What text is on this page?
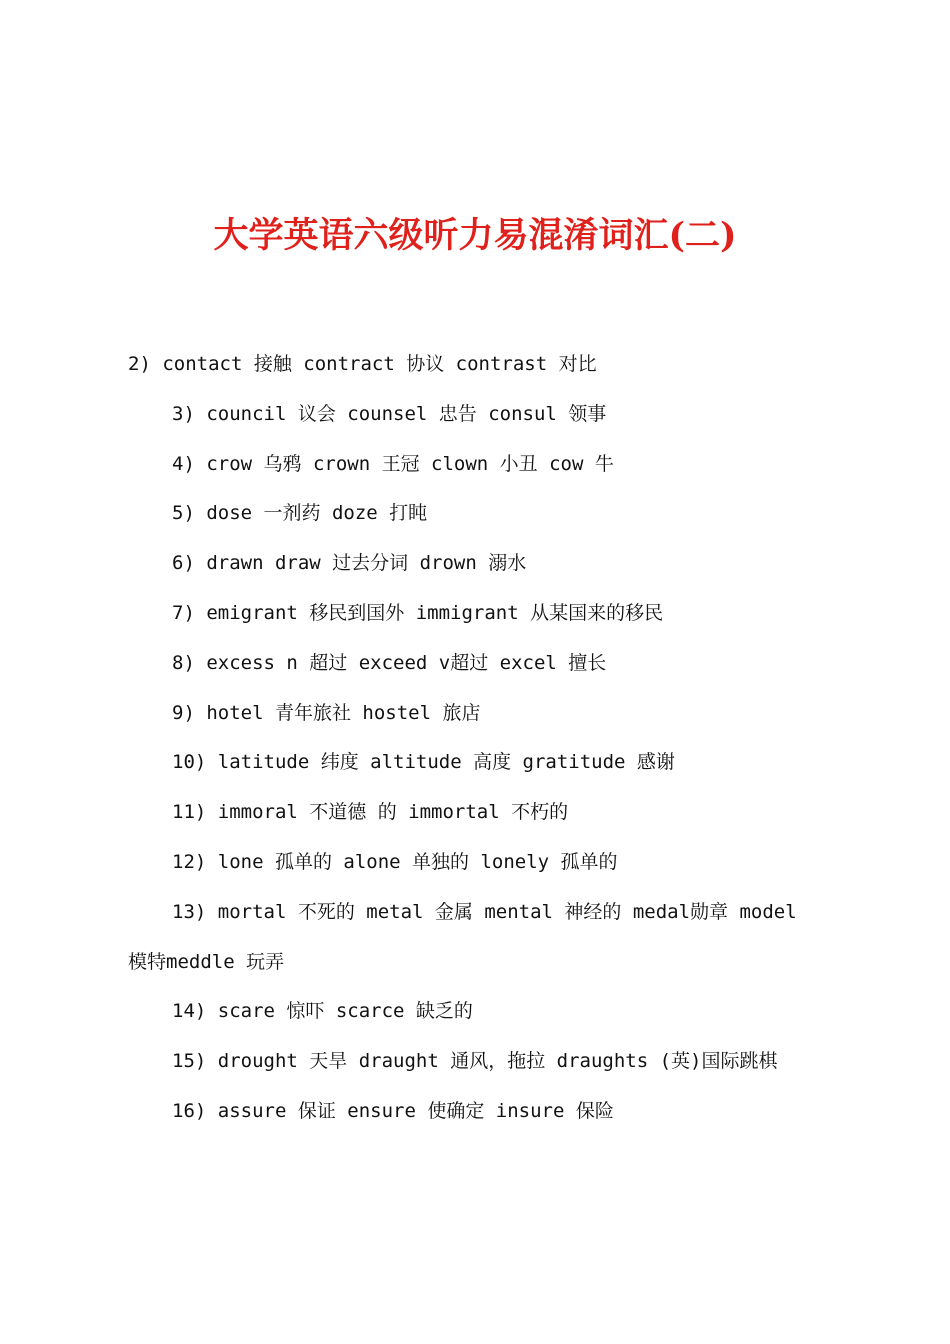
大学英语六级听力易混淆词汇(二)
2) contact 接触 contract 协议 contrast 对比
3) council 议会 counsel 忠告 consul 领事
4) crow 乌鸦 crown 王冠 clown 小丑 cow 牛
5) dose 一剂药 doze 打盹
6) drawn draw 过去分词 drown 溺水
7) emigrant 移民到国外 immigrant 从某国来的移民
8) excess n 超过 exceed v超过 excel 擅长
9) hotel 青年旅社 hostel 旅店
10) latitude 纬度 altitude 高度 gratitude 感谢
11) immoral 不道德 的 immortal 不朽的
12) lone 孤单的 alone 单独的 lonely 孤单的
13) mortal 不死的 metal 金属 mental 神经的 medal勋章 model
模特meddle 玩弄
14) scare 惊吓 scarce 缺乏的
15) drought 天旱 draught 通风，拖拉 draughts (英)国际跳棋
16) assure 保证 ensure 使确定 insure 保险
